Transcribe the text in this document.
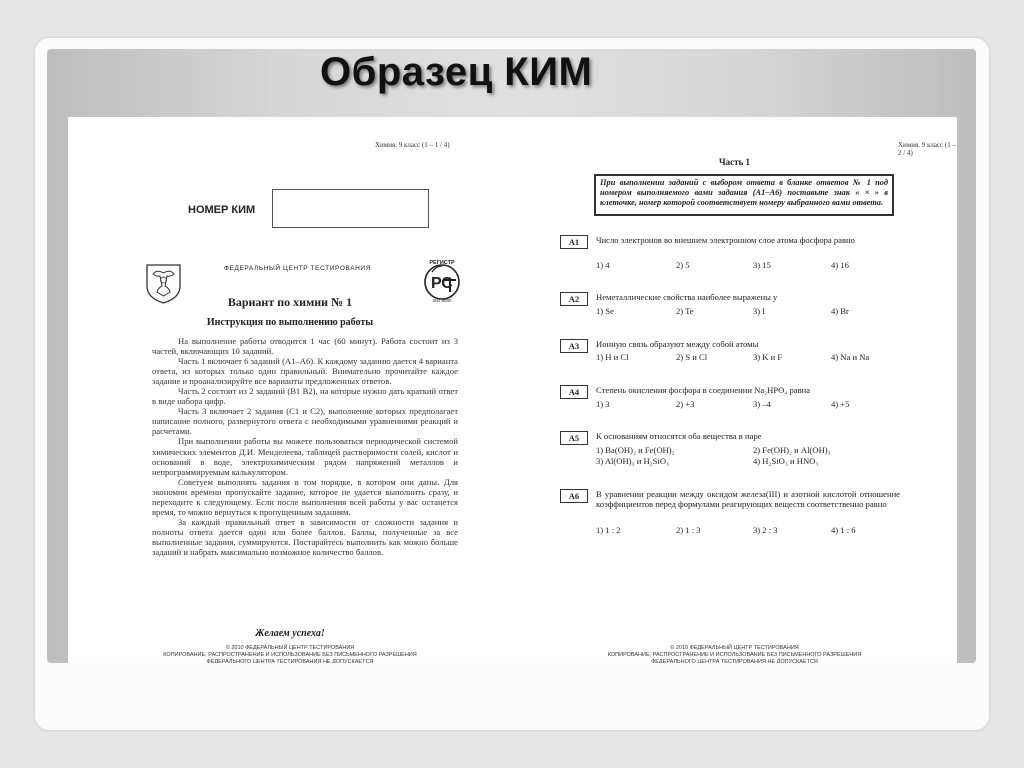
Образец КИМ
Химия. 9 класс (1 – 1 / 4)
НОМЕР КИМ
ФЕДЕРАЛЬНЫЙ ЦЕНТР ТЕСТИРОВАНИЯ
РЕГИСТР
РС
ISO 9000
Вариант по химии № 1
Инструкция по выполнению работы

На выполнение работы отводится 1 час (60 минут). Работа состоит из 3 частей, включающих 10 заданий.

Часть 1 включает 6 заданий (А1–А6). К каждому заданию дается 4 варианта ответа, из которых только один правильный. Внимательно прочитайте каждое задание и проанализируйте все варианты предложенных ответов.

Часть 2 состоит из 2 заданий (В1 В2), на которые нужно дать краткий ответ в виде набора цифр.

Часть 3 включает 2 задания (С1 и С2), выполнение которых предполагает написание полного, развернутого ответа с необходимыми уравнениями реакций и расчетами.

При выполнении работы вы можете пользоваться периодической системой химических элементов Д.И. Менделеева, таблицей растворимости солей, кислот и оснований в воде, электрохимическим рядом напряжений металлов и непрограммируемым калькулятором.

Советуем выполнять задания в том порядке, в котором они даны. Для экономии времени пропускайте задание, которое не удается выполнить сразу, и переходите к следующему. Если после выполнения всей работы у вас останется время, то можно вернуться к пропущенным заданиям.

За каждый правильный ответ в зависимости от сложности задания и полноты ответа дается один или более баллов. Баллы, полученные за все выполненные задания, суммируются. Постарайтесь выполнить как можно больше заданий и набрать максимально возможное количество баллов.

Желаем успеха!
© 2010 ФЕДЕРАЛЬНЫЙ ЦЕНТР ТЕСТИРОВАНИЯ
КОПИРОВАНИЕ, РАСПРОСТРАНЕНИЕ И ИСПОЛЬЗОВАНИЕ БЕЗ ПИСЬМЕННОГО РАЗРЕШЕНИЯ
ФЕДЕРАЛЬНОГО ЦЕНТРА ТЕСТИРОВАНИЯ НЕ ДОПУСКАЕТСЯ
Химия. 9 класс (1 – 2 / 4)
Часть 1
При выполнении заданий с выбором ответа в бланке ответов № 1 под номером выполняемого вами задания (А1–А6) поставьте знак « × » в клеточке, номер которой соответствует номеру выбранного вами ответа.
A1	Число электронов во внешнем электронном слое атома фосфора равно
1) 4	2) 5	3) 15	4) 16
A2	Неметаллические свойства наиболее выражены у
1) Se	2) Te	3) I	4) Br
A3	Ионную связь образуют между собой атомы
1) H и Cl	2) S и Cl	3) K и F	4) Na и Na
A4	Степень окисления фосфора в соединении Na₂HPO₄ равна
1) 3	2) +3	3) –4	4) +5
A5	К основаниям относятся оба вещества в паре
1) Ba(OH)₂ и Fe(OH)₂	2) Fe(OH)₂ и Al(OH)₃
3) Al(OH)₃ и H₂SiO₃	4) H₂SiO₃ и HNO₃
A6	В уравнении реакции между оксидом железа(III) и азотной кислотой отношение коэффициентов перед формулами реагирующих веществ соответственно равно
1) 1 : 2	2) 1 : 3	3) 2 : 3	4) 1 : 6
© 2010 ФЕДЕРАЛЬНЫЙ ЦЕНТР ТЕСТИРОВАНИЯ
КОПИРОВАНИЕ, РАСПРОСТРАНЕНИЕ И ИСПОЛЬЗОВАНИЕ БЕЗ ПИСЬМЕННОГО РАЗРЕШЕНИЯ
ФЕДЕРАЛЬНОГО ЦЕНТРА ТЕСТИРОВАНИЯ НЕ ДОПУСКАЕТСЯ
